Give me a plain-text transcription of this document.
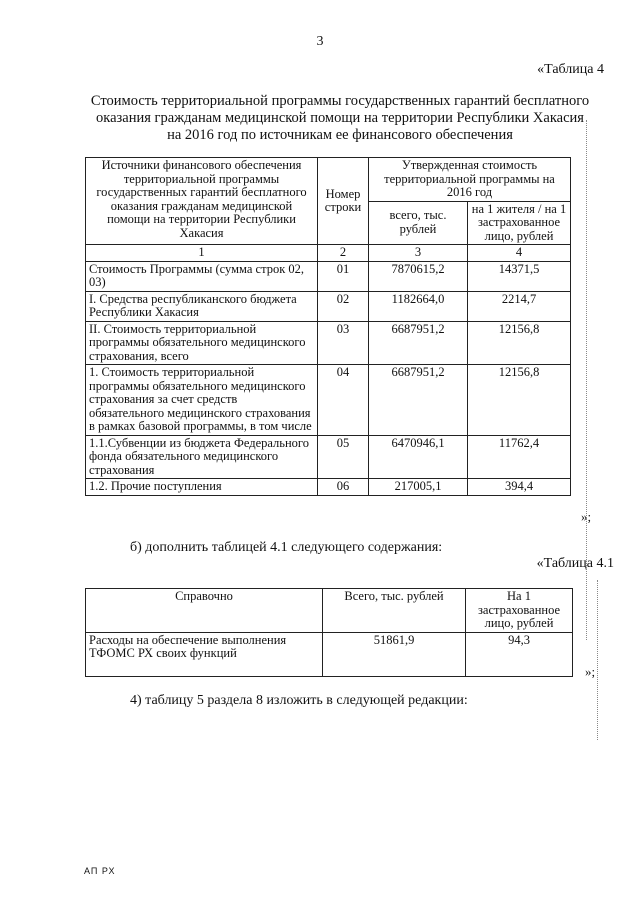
3
«Таблица 4
Стоимость территориальной программы государственных гарантий бесплатного оказания гражданам медицинской помощи на территории Республики Хакасия на 2016 год по источникам ее финансового обеспечения
Источники финансового обеспечения территориальной программы государственных гарантий бесплатного оказания гражданам медицинской помощи на территории Республики Хакасия	Номер строки	Утвержденная стоимость территориальной программы на 2016 год	
		всего, тыс. рублей	на 1 жителя / на 1 застрахованное лицо, рублей
1	2	3	4
Стоимость Программы (сумма строк 02, 03)	01	7870615,2	14371,5
I. Средства республиканского бюджета Республики Хакасия	02	1182664,0	2214,7
II. Стоимость территориальной программы обязательного медицинского страхования, всего	03	6687951,2	12156,8
1. Стоимость территориальной программы обязательного медицинского страхования за счет средств обязательного медицинского страхования в рамках базовой программы, в том числе	04	6687951,2	12156,8
1.1.Субвенции из бюджета Федерального фонда обязательного медицинского страхования	05	6470946,1	11762,4
1.2. Прочие поступления	06	217005,1	394,4
»;
б) дополнить таблицей 4.1 следующего содержания:
«Таблица 4.1
Справочно	Всего, тыс. рублей	На 1 застрахованное лицо, рублей
Расходы на обеспечение выполнения ТФОМС РХ своих функций	51861,9	94,3
»;
4) таблицу 5 раздела 8 изложить в следующей редакции:
АП РХ
